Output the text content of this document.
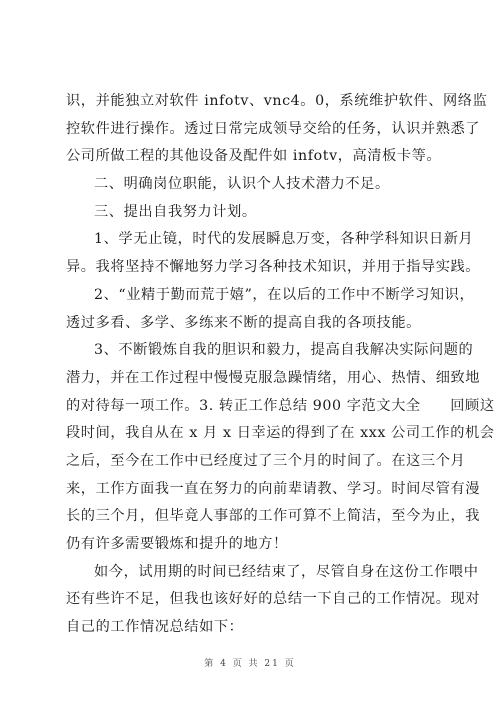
识，并能独立对软件 infotv、vnc4。0，系统维护软件、网络监
控软件进行操作。透过日常完成领导交给的任务，认识并熟悉了
公司所做工程的其他设备及配件如 infotv，高清板卡等。
二、明确岗位职能，认识个人技术潜力不足。
三、提出自我努力计划。
1、学无止镜，时代的发展瞬息万变，各种学科知识日新月
异。我将坚持不懈地努力学习各种技术知识，并用于指导实践。
2、“业精于勤而荒于嬉”，在以后的工作中不断学习知识，
透过多看、多学、多练来不断的提高自我的各项技能。
3、不断锻炼自我的胆识和毅力，提高自我解决实际问题的
潜力，并在工作过程中慢慢克服急躁情绪，用心、热情、细致地
的对待每一项工作。3. 转正工作总结 900 字范文大全　　回顾这
段时间，我自从在 x 月 x 日幸运的得到了在 xxx 公司工作的机会
之后，至今在工作中已经度过了三个月的时间了。在这三个月
来，工作方面我一直在努力的向前辈请教、学习。时间尽管有漫
长的三个月，但毕竟人事部的工作可算不上简洁，至今为止，我
仍有许多需要锻炼和提升的地方！
如今，试用期的时间已经结束了，尽管自身在这份工作喂中
还有些许不足，但我也该好好的总结一下自己的工作情况。现对
自己的工作情况总结如下：
第 4 页 共 21 页
